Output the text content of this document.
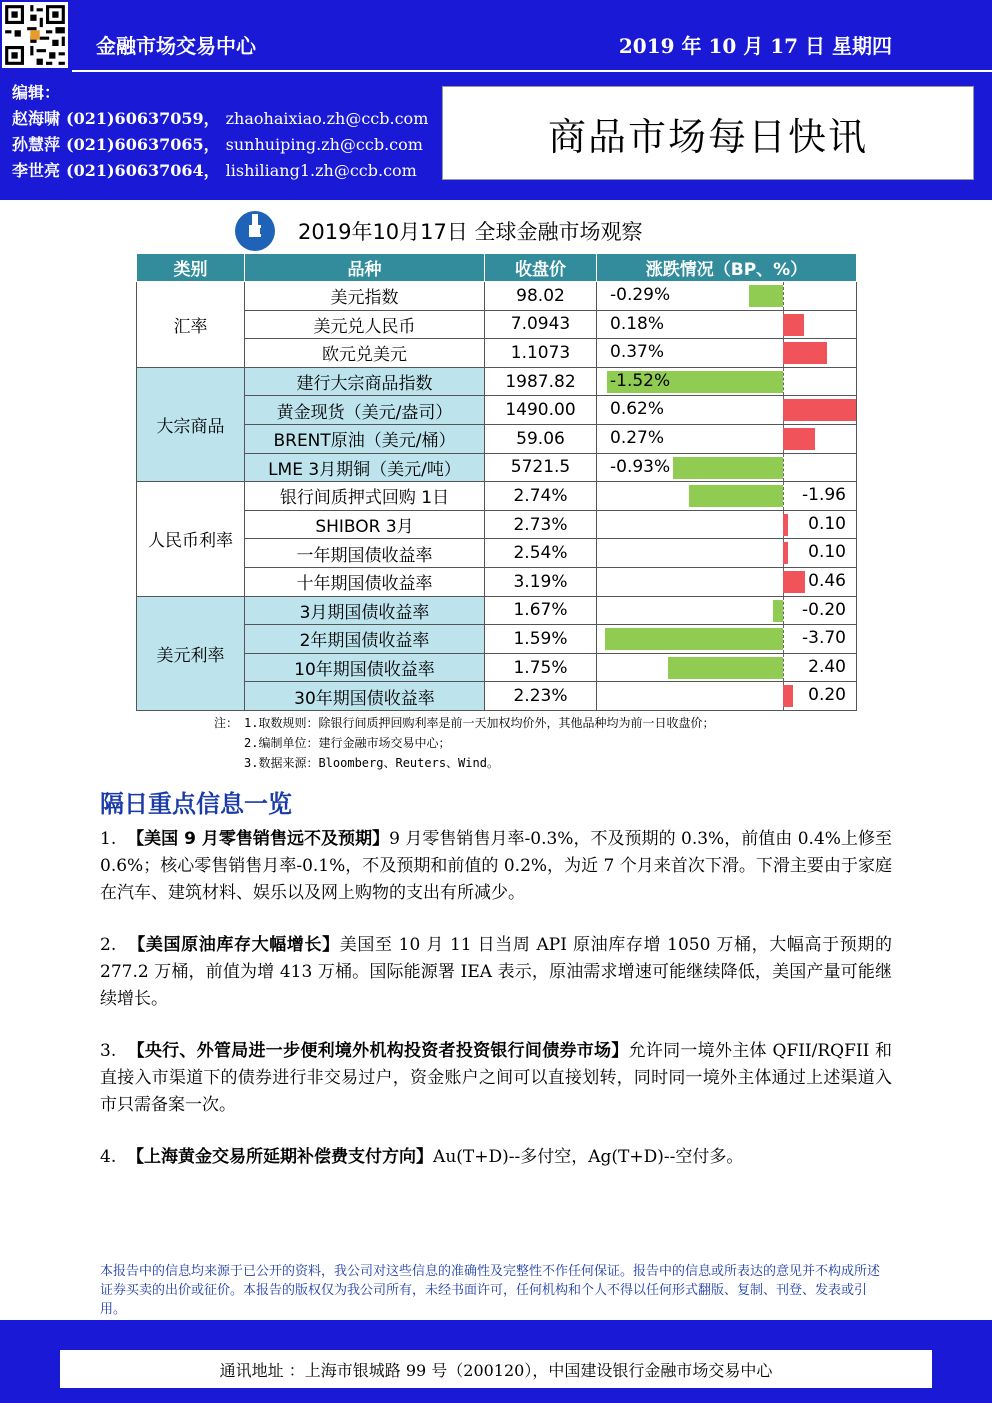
金融市场交易中心	2019 年 10 月 17 日 星期四
编辑：
赵海啸 (021)60637059， zhaohaixiao.zh@ccb.com
孙慧萍 (021)60637065， sunhuiping.zh@ccb.com
李世亮 (021)60637064， lishiliang1.zh@ccb.com
商品市场每日快讯
2019年10月17日 全球金融市场观察
类别	品种	收盘价	涨跌情况（BP、%）
汇率	美元指数	98.02	-0.29%

	美元兑人民币	7.0943	0.18%

	欧元兑美元	1.1073	0.37%

大宗商品	建行大宗商品指数	1987.82	-1.52%

	黄金现货（美元/盎司）	1490.00	0.62%

	BRENT原油（美元/桶）	59.06	0.27%

	LME 3月期铜（美元/吨）	5721.5	-0.93%

人民币利率	银行间质押式回购 1日	2.74%	-1.96

	SHIBOR 3月	2.73%	0.10

	一年期国债收益率	2.54%	0.10

	十年期国债收益率	3.19%	0.46

美元利率	3月期国债收益率	1.67%	-0.20

	2年期国债收益率	1.59%	-3.70

	10年期国债收益率	1.75%	2.40

	30年期国债收益率	2.23%	0.20
注： 1.取数规则：除银行间质押回购利率是前一天加权均价外，其他品种均为前一日收盘价；
2.编制单位：建行金融市场交易中心；
3.数据来源：Bloomberg、Reuters、Wind。
隔日重点信息一览

1. 【美国 9 月零售销售远不及预期】9 月零售销售月率-0.3%，不及预期的 0.3%，前值由 0.4%上修至 0.6%；核心零售销售月率-0.1%，不及预期和前值的 0.2%，为近 7 个月来首次下滑。下滑主要由于家庭在汽车、建筑材料、娱乐以及网上购物的支出有所减少。

2. 【美国原油库存大幅增长】美国至 10 月 11 日当周 API 原油库存增 1050 万桶，大幅高于预期的 277.2 万桶，前值为增 413 万桶。国际能源署 IEA 表示，原油需求增速可能继续降低，美国产量可能继续增长。

3. 【央行、外管局进一步便利境外机构投资者投资银行间债券市场】允许同一境外主体 QFII/RQFII 和直接入市渠道下的债券进行非交易过户，资金账户之间可以直接划转，同时同一境外主体通过上述渠道入市只需备案一次。

4. 【上海黄金交易所延期补偿费支付方向】Au(T+D)--多付空，Ag(T+D)--空付多。

本报告中的信息均来源于已公开的资料，我公司对这些信息的准确性及完整性不作任何保证。报告中的信息或所表达的意见并不构成所述证券买卖的出价或征价。本报告的版权仅为我公司所有，未经书面许可，任何机构和个人不得以任何形式翻版、复制、刊登、发表或引用。
通讯地址 ：上海市银城路 99 号（200120），中国建设银行金融市场交易中心
